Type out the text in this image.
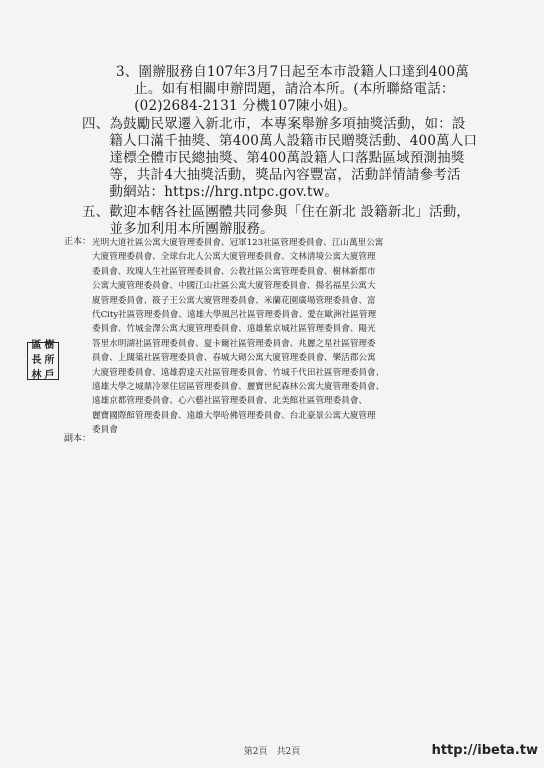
3、圍辦服務自107年3月7日起至本市設籍人口達到400萬
　 止。如有相關申辦問題，請洽本所。(本所聯絡電話：
　 (02)2684-2131 分機107陳小姐)。
四、為鼓勵民眾遷入新北市，本專案舉辦多項抽獎活動，如：設
　　籍人口滿千抽獎、第400萬人設籍市民贈獎活動、400萬人口
　　達標全體市民總抽獎、第400萬設籍人口落點區域預測抽獎
　　等，共計4大抽獎活動，獎品內容豐富，活動詳情請參考活
　　動網站：https://hrg.ntpc.gov.tw。
五、歡迎本轄各社區團體共同參與「住在新北 設籍新北」活動，
　　並多加利用本所團辦服務。
正本： 光明大道社區公寓大廈管理委員會、冠軍123社區管理委員會、江山萬里公寓
大廈管理委員會、全球台北人公寓大廈管理委員會、文林清境公寓大廈管理
委員會、玫瑰人生社區管理委員會、公教社區公寓管理委員會、樹林新都市
公寓大廈管理委員會、中國江山社區公寓大廈管理委員會、揚名福星公寓大
廈管理委員會、筱子王公寓大廈管理委員會、米蘭花園廣場管理委員會、富
代City社區管理委員會、遠雄大學風呂社區管理委員會、愛在歐洲社區管理
委員會、竹城金澤公寓大廈管理委員會、遠雄紫京城社區管理委員會、陽光
答里水明湖社區管理委員會、夏卡爾社區管理委員會、兆麗之星社區管理委
員會、上闊築社區管理委員會、春城大砌公寓大廈管理委員會、樂活郡公寓
大廈管理委員會、遠雄碧達天社區管理委員會、竹城千代田社區管理委員會、
遠雄大學之城鼎冷翠住居區管理委員會、麗寶世紀森林公寓大廈管理委員會、
遠雄京都管理委員會、心六藝社區管理委員會、北美館社區管理委員會、
麗寶國際館管理委員會、遠雄大學哈佛管理委員會、台北豪景公寓大廈管理
委員會
副本：
區 樹
長 所
林 戶
第2頁　共2頁	http://ibeta.tw
